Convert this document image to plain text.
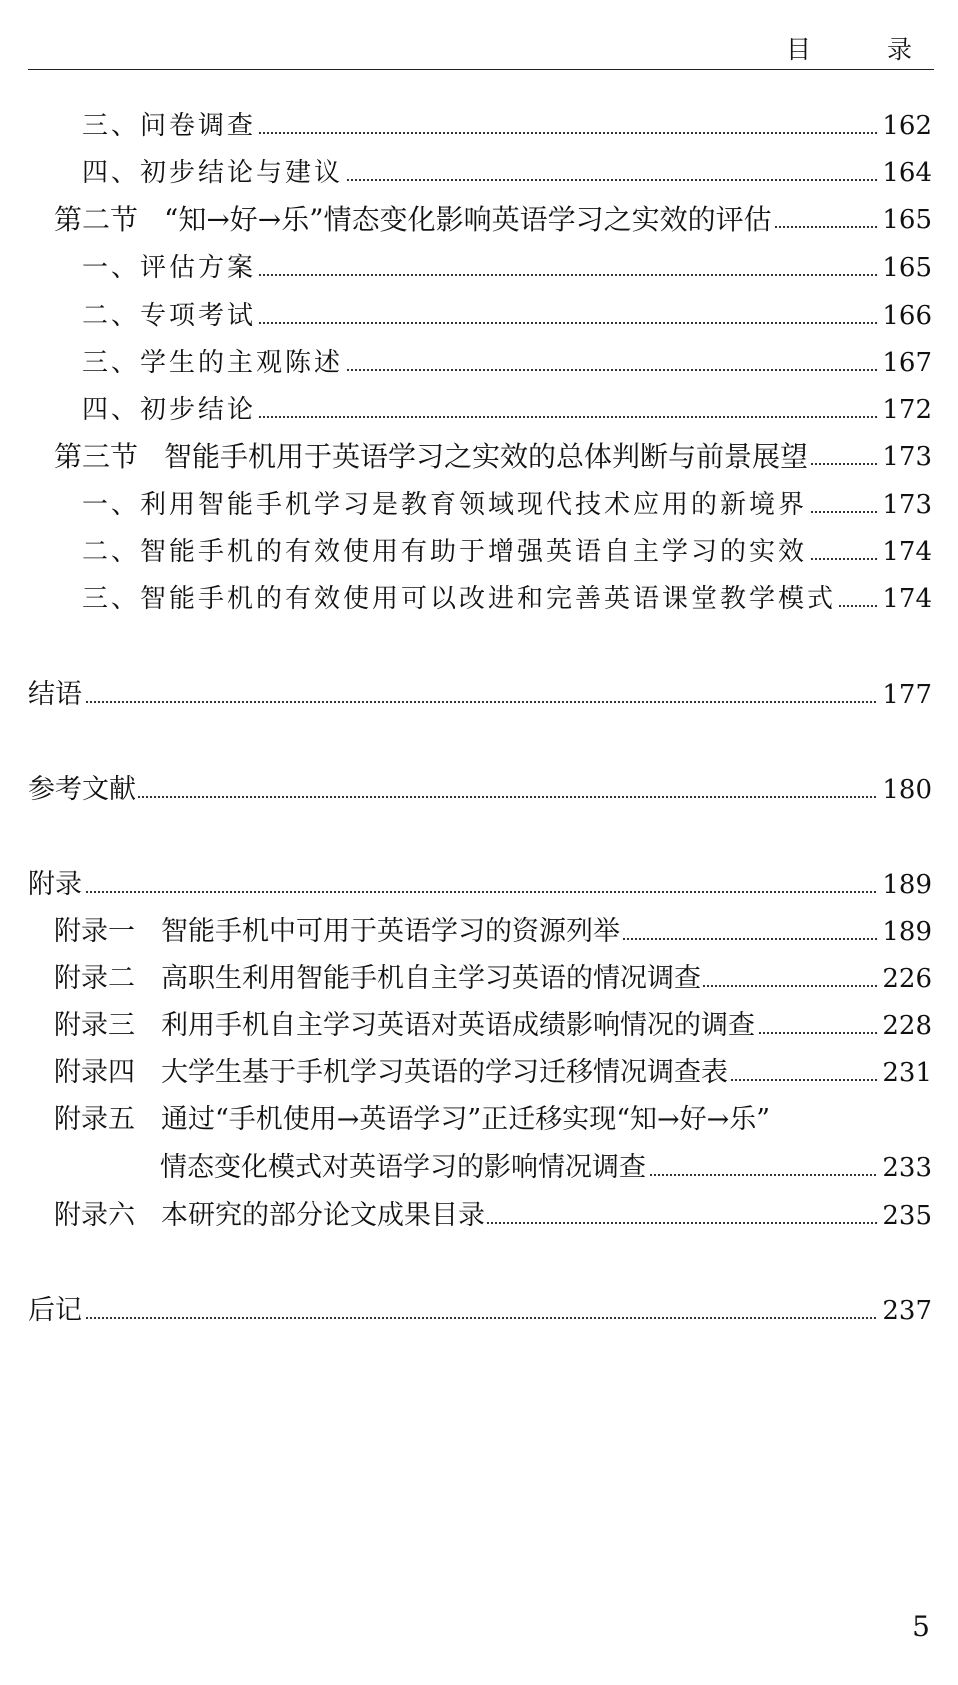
目 录
三、问卷调查	162
四、初步结论与建议	164
第二节 “知→好→乐”情态变化影响英语学习之实效的评估	165
一、评估方案	165
二、专项考试	166
三、学生的主观陈述	167
四、初步结论	172
第三节 智能手机用于英语学习之实效的总体判断与前景展望	173
一、利用智能手机学习是教育领域现代技术应用的新境界	173
二、智能手机的有效使用有助于增强英语自主学习的实效	174
三、智能手机的有效使用可以改进和完善英语课堂教学模式 174
结语	177
参考文献	180
附录	189
附录一 智能手机中可用于英语学习的资源列举	189
附录二 高职生利用智能手机自主学习英语的情况调查	226
附录三 利用手机自主学习英语对英语成绩影响情况的调查	228
附录四 大学生基于手机学习英语的学习迁移情况调查表	231
附录五 通过“手机使用→英语学习”正迁移实现“知→好→乐”
情态变化模式对英语学习的影响情况调查	233
附录六 本研究的部分论文成果目录	235
后记	237
5
